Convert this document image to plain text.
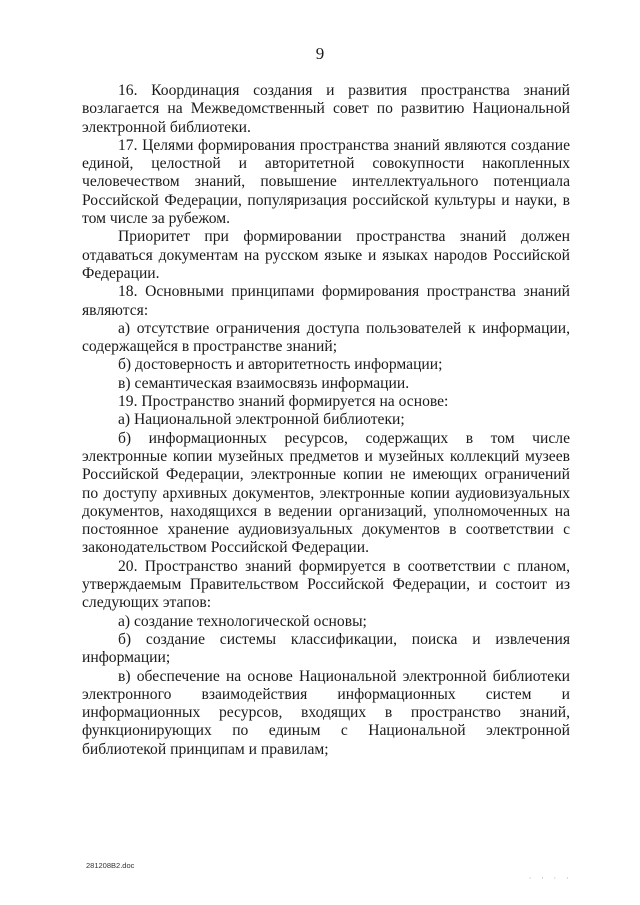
9

16. Координация создания и развития пространства знаний возлагается на Межведомственный совет по развитию Национальной электронной библиотеки.

17. Целями формирования пространства знаний являются создание единой, целостной и авторитетной совокупности накопленных человечеством знаний, повышение интеллектуального потенциала Российской Федерации, популяризация российской культуры и науки, в том числе за рубежом.

Приоритет при формировании пространства знаний должен отдаваться документам на русском языке и языках народов Российской Федерации.

18. Основными принципами формирования пространства знаний являются:

а) отсутствие ограничения доступа пользователей к информации, содержащейся в пространстве знаний;

б) достоверность и авторитетность информации;

в) семантическая взаимосвязь информации.

19. Пространство знаний формируется на основе:

а) Национальной электронной библиотеки;

б) информационных ресурсов, содержащих в том числе электронные копии музейных предметов и музейных коллекций музеев Российской Федерации, электронные копии не имеющих ограничений по доступу архивных документов, электронные копии аудиовизуальных документов, находящихся в ведении организаций, уполномоченных на постоянное хранение аудиовизуальных документов в соответствии с законодательством Российской Федерации.

20. Пространство знаний формируется в соответствии с планом, утверждаемым Правительством Российской Федерации, и состоит из следующих этапов:

а) создание технологической основы;

б) создание системы классификации, поиска и извлечения информации;

в) обеспечение на основе Национальной электронной библиотеки электронного взаимодействия информационных систем и информационных ресурсов, входящих в пространство знаний, функционирующих по единым с Национальной электронной библиотекой принципам и правилам;

281208B2.doc
· · · ·
